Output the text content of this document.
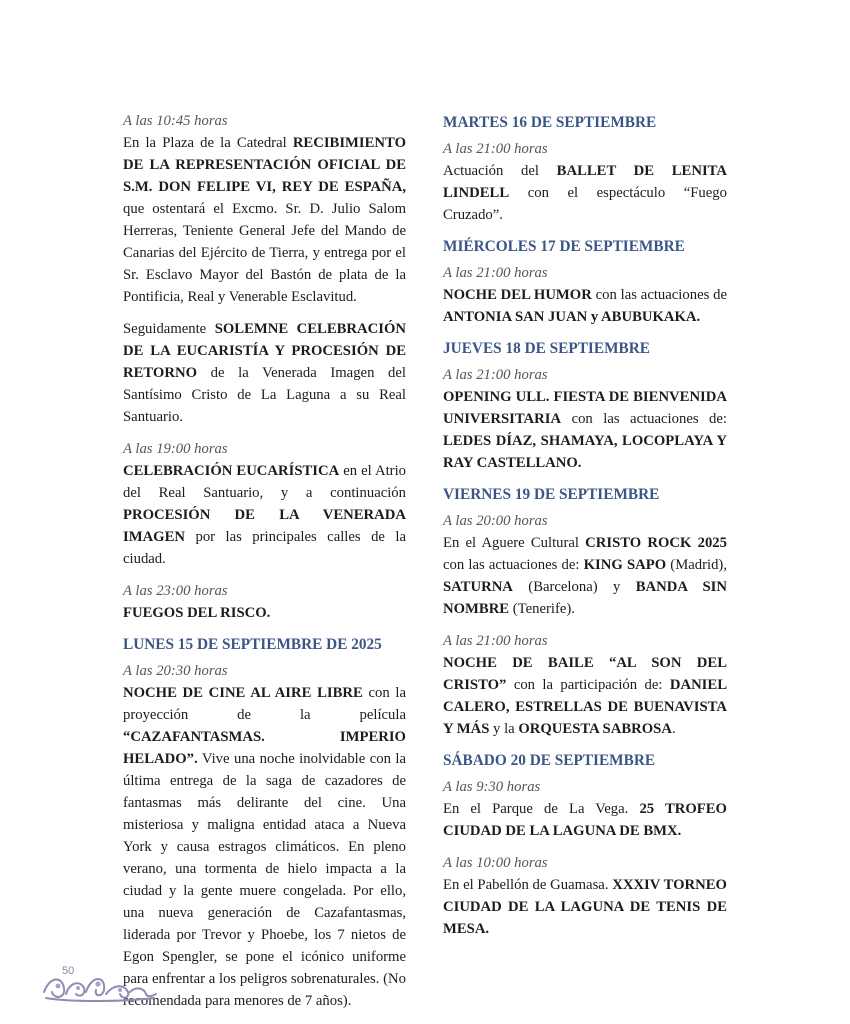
A las 10:45 horas

En la Plaza de la Catedral RECIBIMIENTO DE LA REPRESENTACIÓN OFICIAL DE S.M. DON FELIPE VI, REY DE ESPAÑA, que ostentará el Excmo. Sr. D. Julio Salom Herreras, Teniente General Jefe del Mando de Canarias del Ejército de Tierra, y entrega por el Sr. Esclavo Mayor del Bastón de plata de la Pontificia, Real y Venerable Esclavitud.

Seguidamente SOLEMNE CELEBRACIÓN DE LA EUCARISTÍA Y PROCESIÓN DE RETORNO de la Venerada Imagen del Santísimo Cristo de La Laguna a su Real Santuario.

A las 19:00 horas

CELEBRACIÓN EUCARÍSTICA en el Atrio del Real Santuario, y a continuación PROCESIÓN DE LA VENERADA IMAGEN por las principales calles de la ciudad.

A las 23:00 horas

FUEGOS DEL RISCO.

LUNES 15 DE SEPTIEMBRE DE 2025
A las 20:30 horas

NOCHE DE CINE AL AIRE LIBRE con la proyección de la película “CAZAFANTASMAS. IMPERIO HELADO”. Vive una noche inolvidable con la última entrega de la saga de cazadores de fantasmas más delirante del cine. Una misteriosa y maligna entidad ataca a Nueva York y causa estragos climáticos. En pleno verano, una tormenta de hielo impacta a la ciudad y la gente muere congelada. Por ello, una nueva generación de Cazafantasmas, liderada por Trevor y Phoebe, los 7 nietos de Egon Spengler, se pone el icónico uniforme para enfrentar a los peligros sobrenaturales. (No recomendada para menores de 7 años).

MARTES 16 DE SEPTIEMBRE
A las 21:00 horas

Actuación del BALLET DE LENITA LINDELL con el espectáculo “Fuego Cruzado”.

MIÉRCOLES 17 DE SEPTIEMBRE
A las 21:00 horas

NOCHE DEL HUMOR con las actuaciones de ANTONIA SAN JUAN y ABUBUKAKA.

JUEVES 18 DE SEPTIEMBRE
A las 21:00 horas

OPENING ULL. FIESTA DE BIENVENIDA UNIVERSITARIA con las actuaciones de: LEDES DÍAZ, SHAMAYA, LOCOPLAYA Y RAY CASTELLANO.

VIERNES 19 DE SEPTIEMBRE
A las 20:00 horas

En el Aguere Cultural CRISTO ROCK 2025 con las actuaciones de: KING SAPO (Madrid), SATURNA (Barcelona) y BANDA SIN NOMBRE (Tenerife).

A las 21:00 horas

NOCHE DE BAILE “AL SON DEL CRISTO” con la participación de: DANIEL CALERO, ESTRELLAS DE BUENAVISTA Y MÁS y la ORQUESTA SABROSA.

SÁBADO 20 DE SEPTIEMBRE
A las 9:30 horas

En el Parque de La Vega. 25 TROFEO CIUDAD DE LA LAGUNA DE BMX.

A las 10:00 horas

En el Pabellón de Guamasa. XXXIV TORNEO CIUDAD DE LA LAGUNA DE TENIS DE MESA.

50
